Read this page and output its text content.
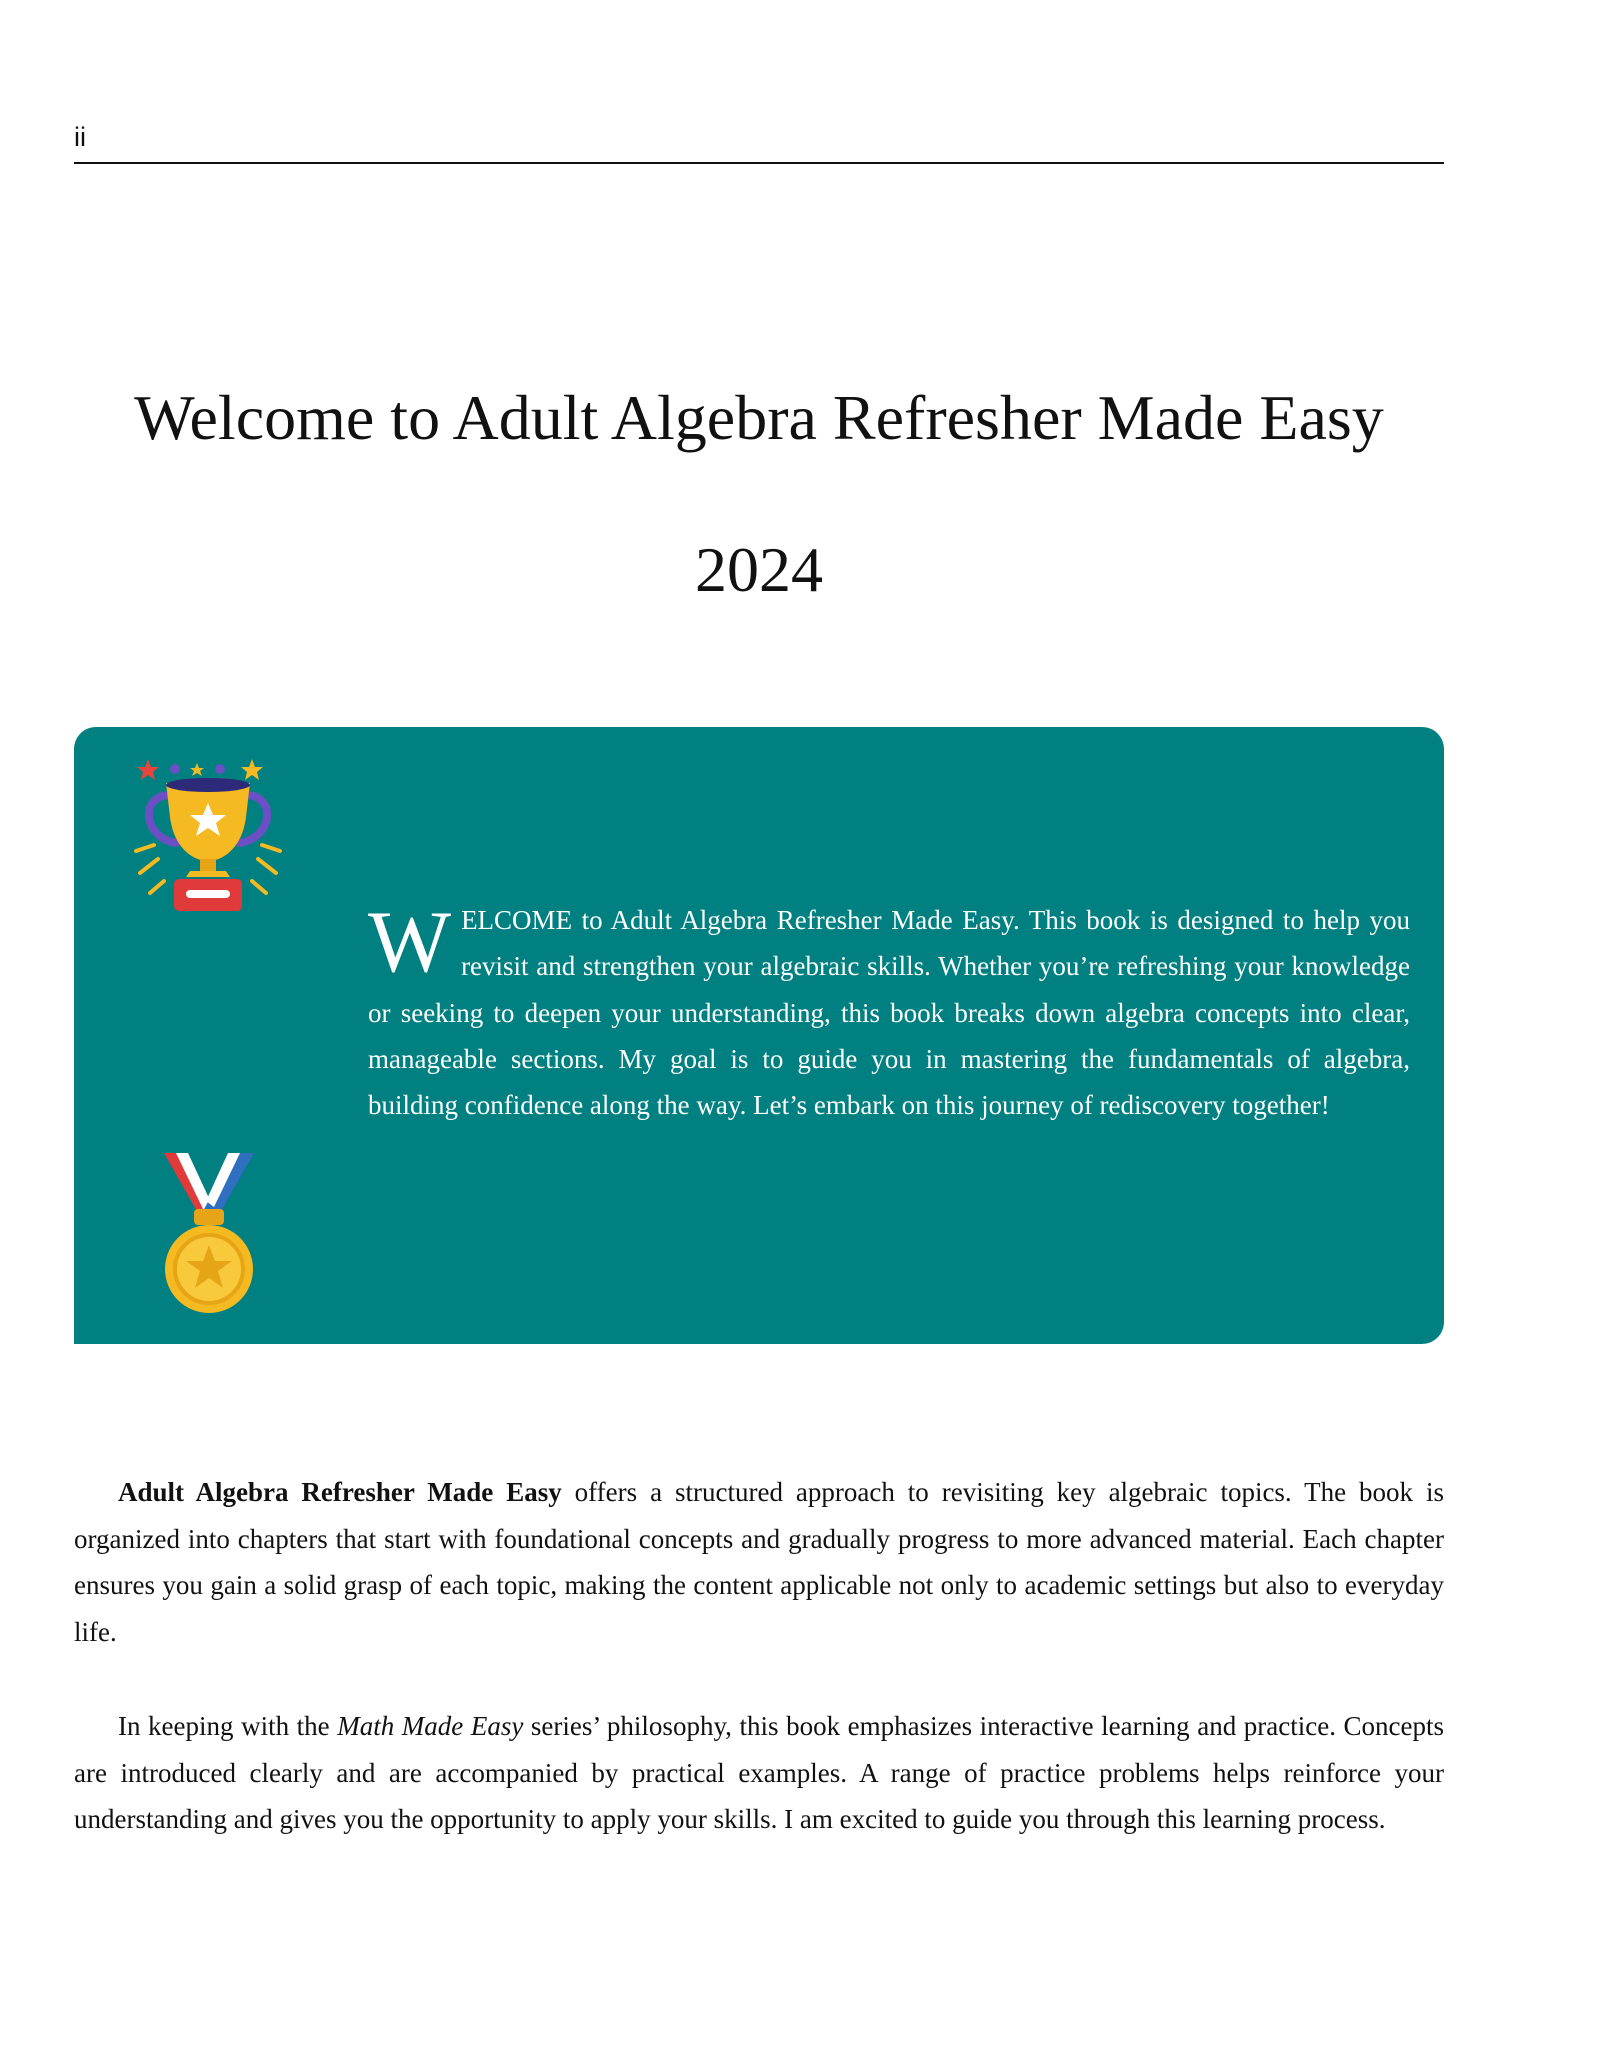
ii
Welcome to Adult Algebra Refresher Made Easy
2024
WELCOME to Adult Algebra Refresher Made Easy. This book is designed to help you revisit and strengthen your algebraic skills. Whether you’re refreshing your knowledge or seeking to deepen your understanding, this book breaks down algebra concepts into clear, manageable sections. My goal is to guide you in mastering the fundamentals of algebra, building confidence along the way. Let’s embark on this journey of rediscovery together!

Adult Algebra Refresher Made Easy offers a structured approach to revisiting key algebraic topics. The book is organized into chapters that start with foundational concepts and gradually progress to more advanced material. Each chapter ensures you gain a solid grasp of each topic, making the content applicable not only to academic settings but also to everyday life.

In keeping with the Math Made Easy series’ philosophy, this book emphasizes interactive learning and practice. Concepts are introduced clearly and are accompanied by practical examples. A range of practice problems helps reinforce your understanding and gives you the opportunity to apply your skills. I am excited to guide you through this learning process.
